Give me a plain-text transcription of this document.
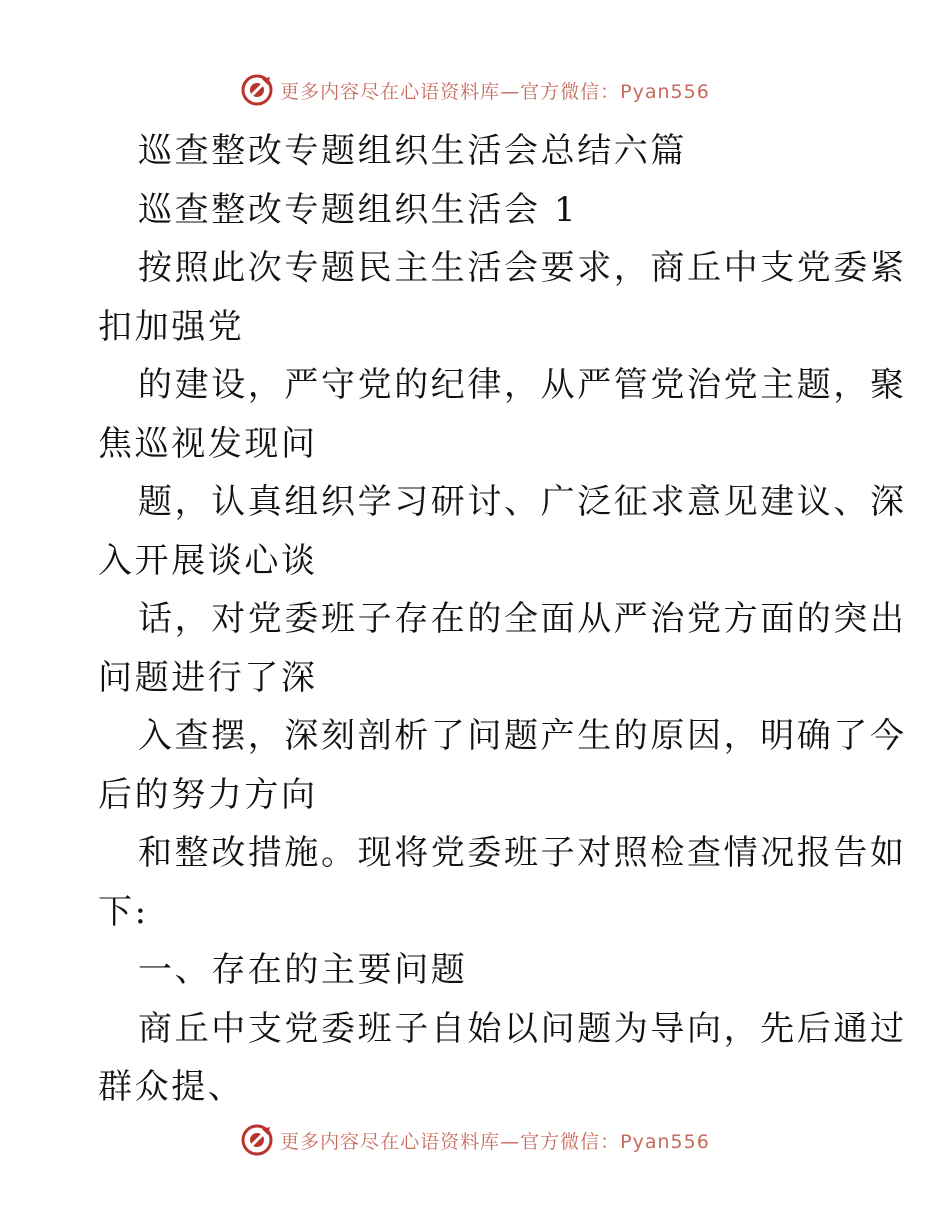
更多内容尽在心语资料库—官方微信：Pyan556
巡查整改专题组织生活会总结六篇
巡查整改专题组织生活会 1
按照此次专题民主生活会要求，商丘中支党委紧
扣加强党
的建设，严守党的纪律，从严管党治党主题，聚
焦巡视发现问
题，认真组织学习研讨、广泛征求意见建议、深
入开展谈心谈
话，对党委班子存在的全面从严治党方面的突出
问题进行了深
入查摆，深刻剖析了问题产生的原因，明确了今
后的努力方向
和整改措施。现将党委班子对照检查情况报告如
下:
一、存在的主要问题
商丘中支党委班子自始以问题为导向，先后通过
群众提、
更多内容尽在心语资料库—官方微信：Pyan556
